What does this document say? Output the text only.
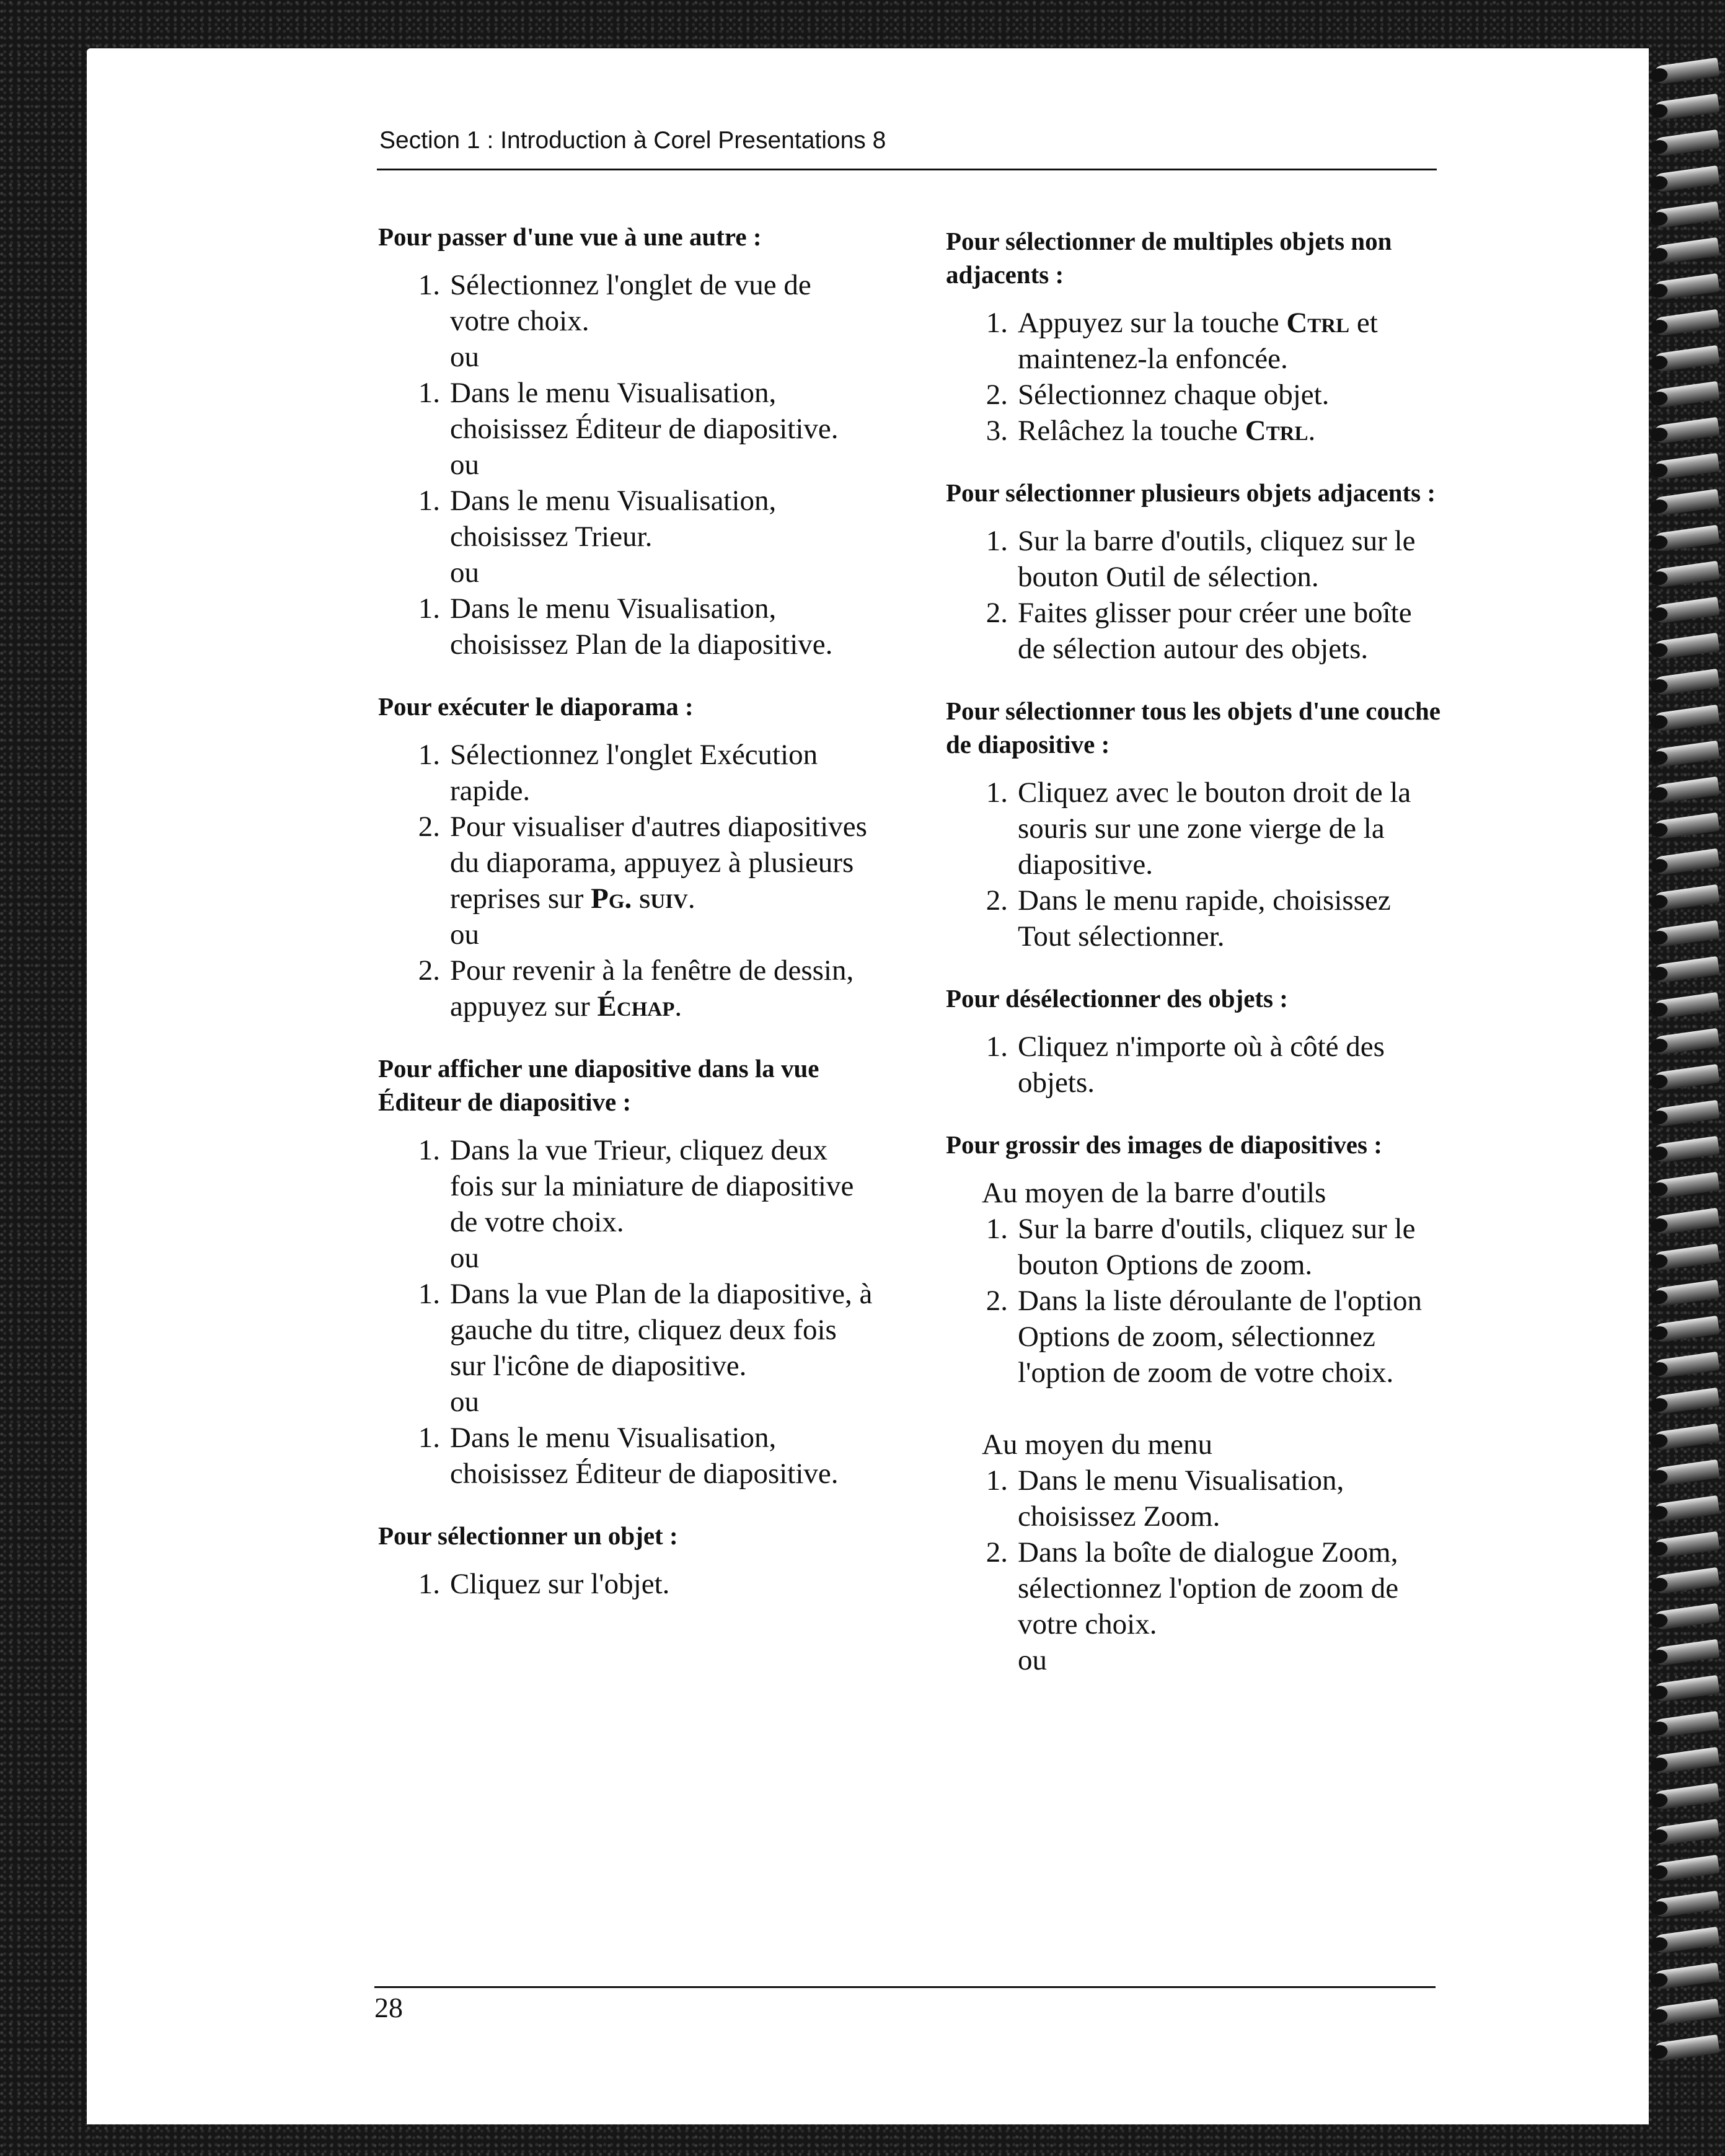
Section 1 : Introduction à Corel Presentations 8

Pour passer d'une vue à une autre :

1. Sélectionnez l'onglet de vue de votre choix.
ou
1. Dans le menu Visualisation, choisissez Éditeur de diapositive.
ou
1. Dans le menu Visualisation, choisissez Trieur.
ou
1. Dans le menu Visualisation, choisissez Plan de la diapositive.

Pour exécuter le diaporama :

1. Sélectionnez l'onglet Exécution rapide.
2. Pour visualiser d'autres diapositives du diaporama, appuyez à plusieurs reprises sur Pg. suiv.
ou
2. Pour revenir à la fenêtre de dessin, appuyez sur Échap.

Pour afficher une diapositive dans la vue Éditeur de diapositive :

1. Dans la vue Trieur, cliquez deux fois sur la miniature de diapositive de votre choix.
ou
1. Dans la vue Plan de la diapositive, à gauche du titre, cliquez deux fois sur l'icône de diapositive.
ou
1. Dans le menu Visualisation, choisissez Éditeur de diapositive.

Pour sélectionner un objet :

1. Cliquez sur l'objet.

Pour sélectionner de multiples objets non adjacents :

1. Appuyez sur la touche Ctrl et maintenez-la enfoncée.
2. Sélectionnez chaque objet.
3. Relâchez la touche Ctrl.

Pour sélectionner plusieurs objets adjacents :

1. Sur la barre d'outils, cliquez sur le bouton Outil de sélection.
2. Faites glisser pour créer une boîte de sélection autour des objets.

Pour sélectionner tous les objets d'une couche de diapositive :

1. Cliquez avec le bouton droit de la souris sur une zone vierge de la diapositive.
2. Dans le menu rapide, choisissez Tout sélectionner.

Pour désélectionner des objets :

1. Cliquez n'importe où à côté des objets.

Pour grossir des images de diapositives :

Au moyen de la barre d'outils
1. Sur la barre d'outils, cliquez sur le bouton Options de zoom.
2. Dans la liste déroulante de l'option Options de zoom, sélectionnez l'option de zoom de votre choix.
Au moyen du menu
1. Dans le menu Visualisation, choisissez Zoom.
2. Dans la boîte de dialogue Zoom, sélectionnez l'option de zoom de votre choix.
ou
28
